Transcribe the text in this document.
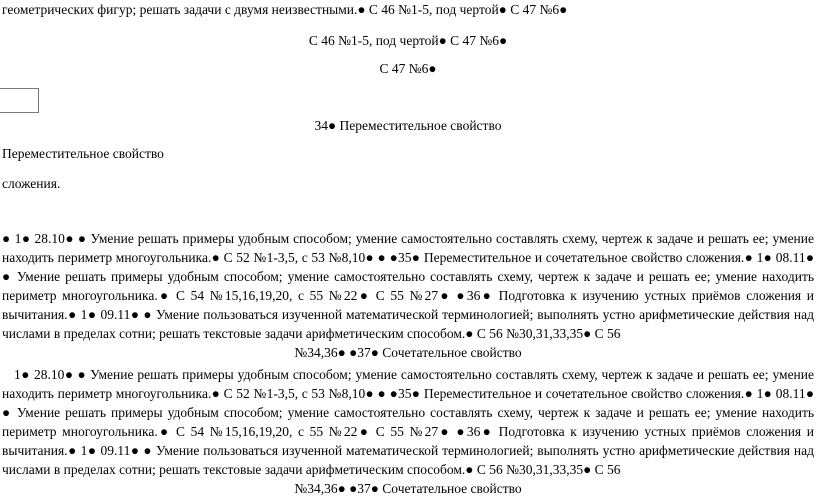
геометрических фигур; решать задачи с двумя неизвестными.● С 46 №1-5, под чертой● С 47 №6●
С 46 №1-5, под чертой● С 47 №6●
С 47 №6●
34● Переместительное свойство
Переместительное свойство
сложения.
● 1● 28.10● ● Умение решать примеры удобным способом; умение самостоятельно составлять схему, чертеж к задаче и решать ее; умение находить периметр многоугольника.● С 52 №1-3,5, с 53 №8,10● ● ●35● Переместительное и сочетательное свойство сложения.● 1● 08.11● ● Умение решать примеры удобным способом; умение самостоятельно составлять схему, чертеж к задаче и решать ее; умение находить периметр многоугольника.● С 54 №15,16,19,20, с 55 №22● С 55 №27● ●36● Подготовка к изучению устных приёмов сложения и вычитания.● 1● 09.11● ● Умение пользоваться изученной математической терминологией; выполнять устно арифметические действия над числами в пределах сотни; решать текстовые задачи арифметическим способом.● С 56 №30,31,33,35● С 56
№34,36● ●37● Сочетательное свойство
1● 28.10● ● Умение решать примеры удобным способом; умение самостоятельно составлять схему, чертеж к задаче и решать ее; умение находить периметр многоугольника.● С 52 №1-3,5, с 53 №8,10● ● ●35● Переместительное и сочетательное свойство сложения.● 1● 08.11● ● Умение решать примеры удобным способом; умение самостоятельно составлять схему, чертеж к задаче и решать ее; умение находить периметр многоугольника.● С 54 №15,16,19,20, с 55 №22● С 55 №27● ●36● Подготовка к изучению устных приёмов сложения и вычитания.● 1● 09.11● ● Умение пользоваться изученной математической терминологией; выполнять устно арифметические действия над числами в пределах сотни; решать текстовые задачи арифметическим способом.● С 56 №30,31,33,35● С 56
№34,36● ●37● Сочетательное свойство
